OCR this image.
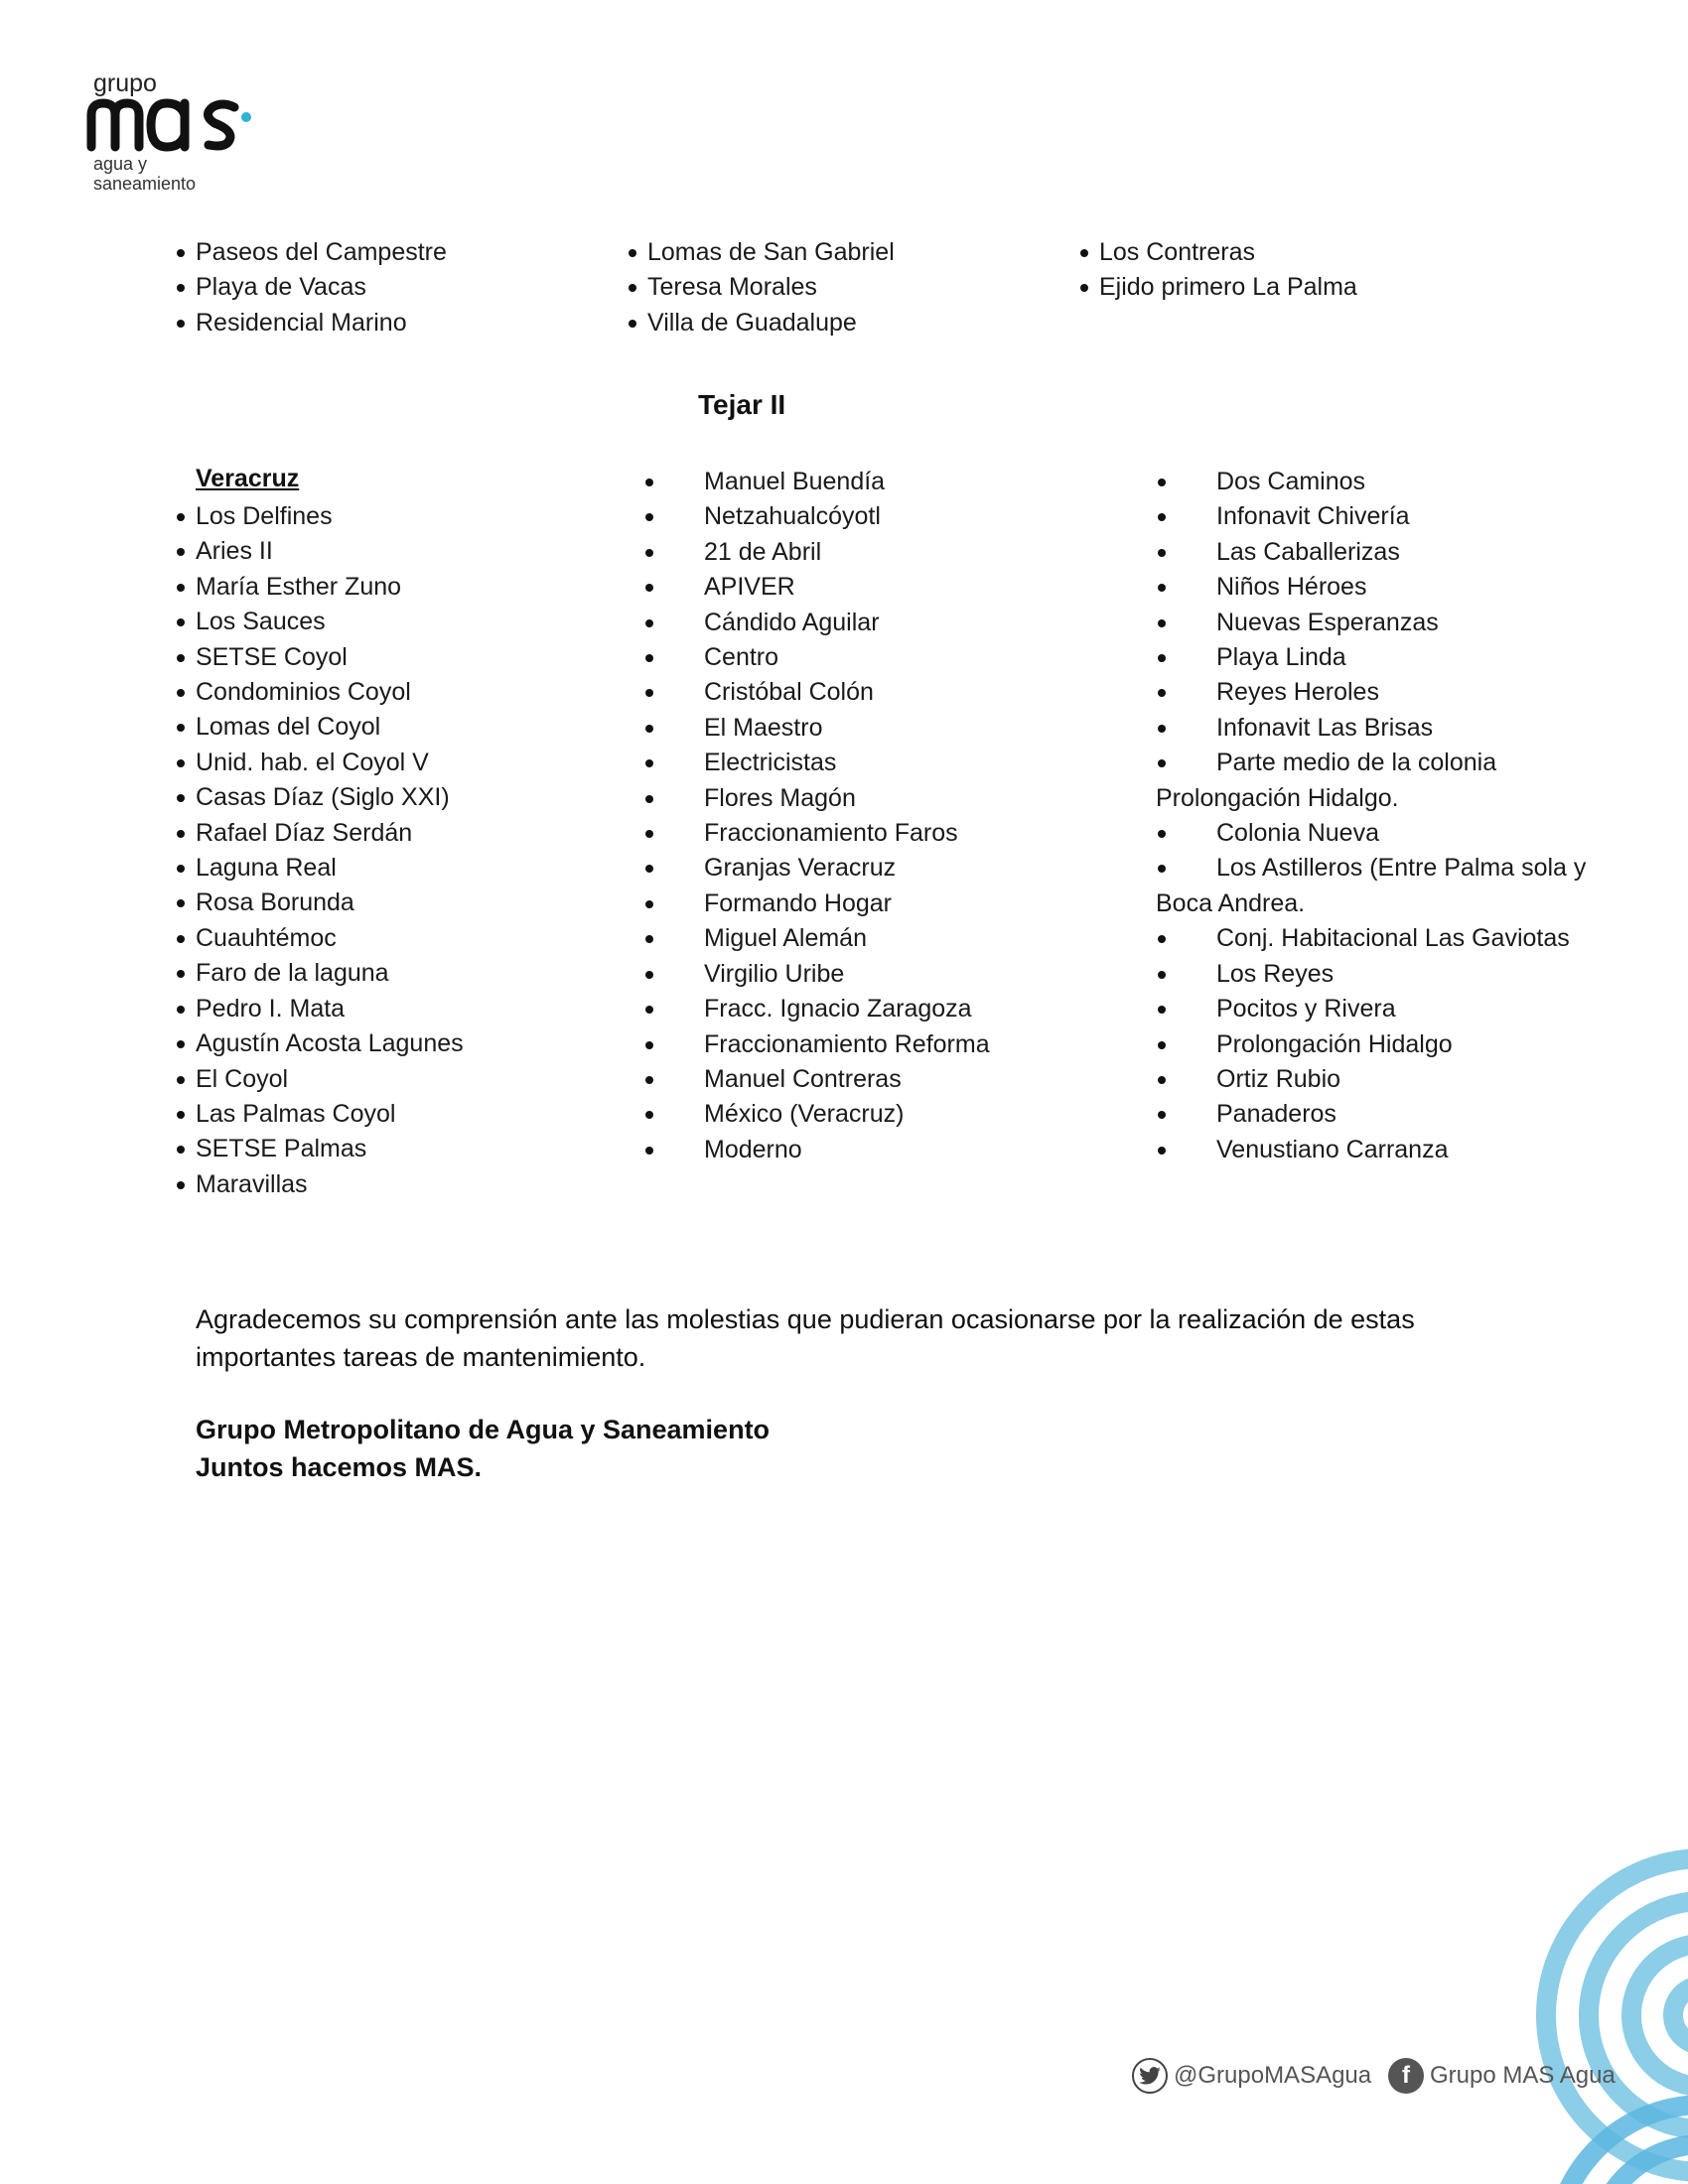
grupo
agua y
saneamiento
Paseos del Campestre
Playa de Vacas
Residencial Marino
Lomas de San Gabriel
Teresa Morales
Villa de Guadalupe
Los Contreras
Ejido primero La Palma
Tejar II
Veracruz
Los Delfines
Aries II
María Esther Zuno
Los Sauces
SETSE Coyol
Condominios Coyol
Lomas del Coyol
Unid. hab. el Coyol V
Casas Díaz (Siglo XXI)
Rafael Díaz Serdán
Laguna Real
Rosa Borunda
Cuauhtémoc
Faro de la laguna
Pedro I. Mata
Agustín Acosta Lagunes
El Coyol
Las Palmas Coyol
SETSE Palmas
Maravillas
Manuel Buendía
Netzahualcóyotl
21 de Abril
APIVER
Cándido Aguilar
Centro
Cristóbal Colón
El Maestro
Electricistas
Flores Magón
Fraccionamiento Faros
Granjas Veracruz
Formando Hogar
Miguel Alemán
Virgilio Uribe
Fracc. Ignacio Zaragoza
Fraccionamiento Reforma
Manuel Contreras
México (Veracruz)
Moderno
Dos Caminos
Infonavit Chivería
Las Caballerizas
Niños Héroes
Nuevas Esperanzas
Playa Linda
Reyes Heroles
Infonavit Las Brisas
Parte medio de la colonia
Prolongación Hidalgo.
Colonia Nueva
Los Astilleros (Entre Palma sola y
Boca Andrea.
Conj. Habitacional Las Gaviotas
Los Reyes
Pocitos y Rivera
Prolongación Hidalgo
Ortiz Rubio
Panaderos
Venustiano Carranza
Agradecemos su comprensión ante las molestias que pudieran ocasionarse por la realización de estas importantes tareas de mantenimiento.
Grupo Metropolitano de Agua y Saneamiento
Juntos hacemos MAS.
@GrupoMASAgua	f Grupo MAS Agua
